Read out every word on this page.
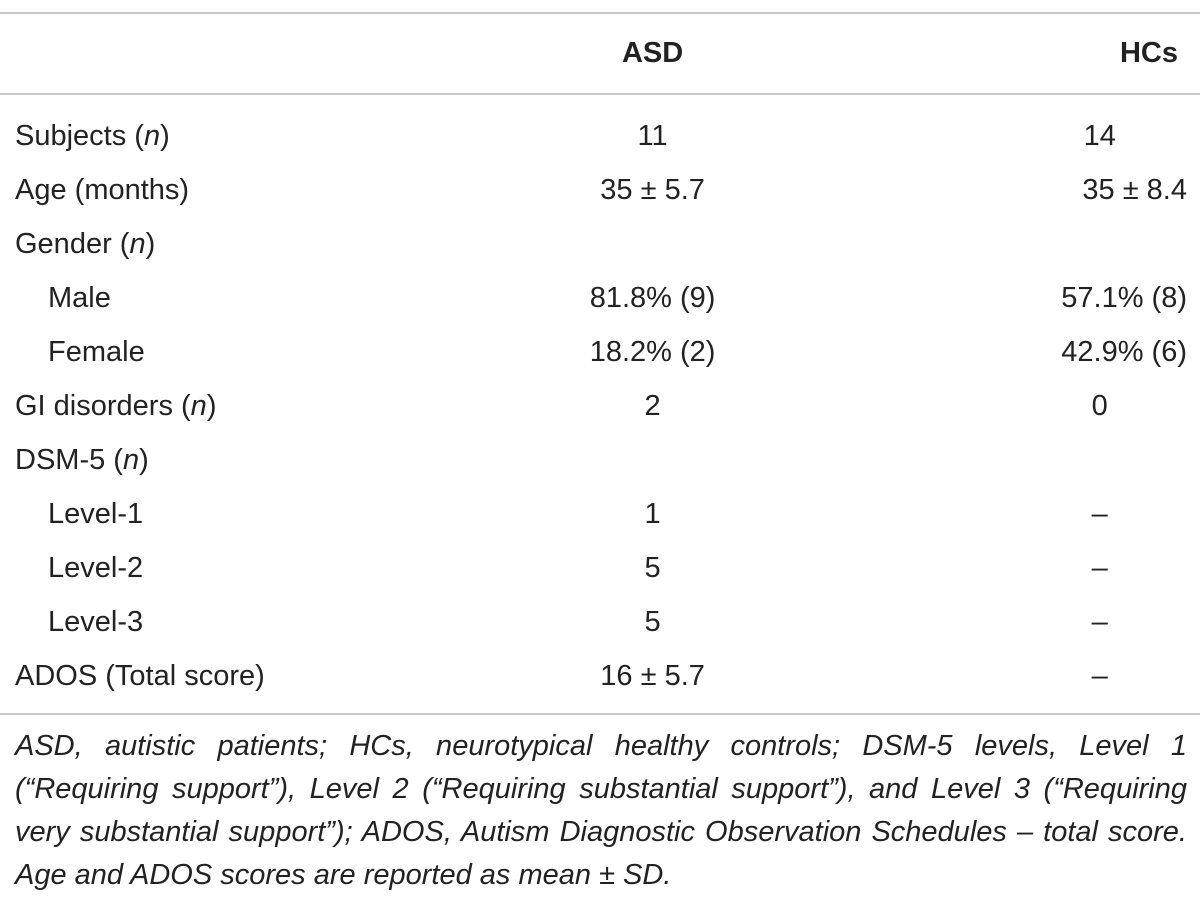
	ASD	HCs

Subjects (n)	11	14
Age (months)	35 ± 5.7	35 ± 8.4
Gender (n)		
Male	81.8% (9)	57.1% (8)
Female	18.2% (2)	42.9% (6)
GI disorders (n)	2	0
DSM-5 (n)		
Level-1	1	–
Level-2	5	–
Level-3	5	–
ADOS (Total score)	16 ± 5.7	–
ASD, autistic patients; HCs, neurotypical healthy controls; DSM-5 levels, Level 1 (“Requiring support”), Level 2 (“Requiring substantial support”), and Level 3 (“Requiring very substantial support”); ADOS, Autism Diagnostic Observation Schedules – total score. Age and ADOS scores are reported as mean ± SD.
